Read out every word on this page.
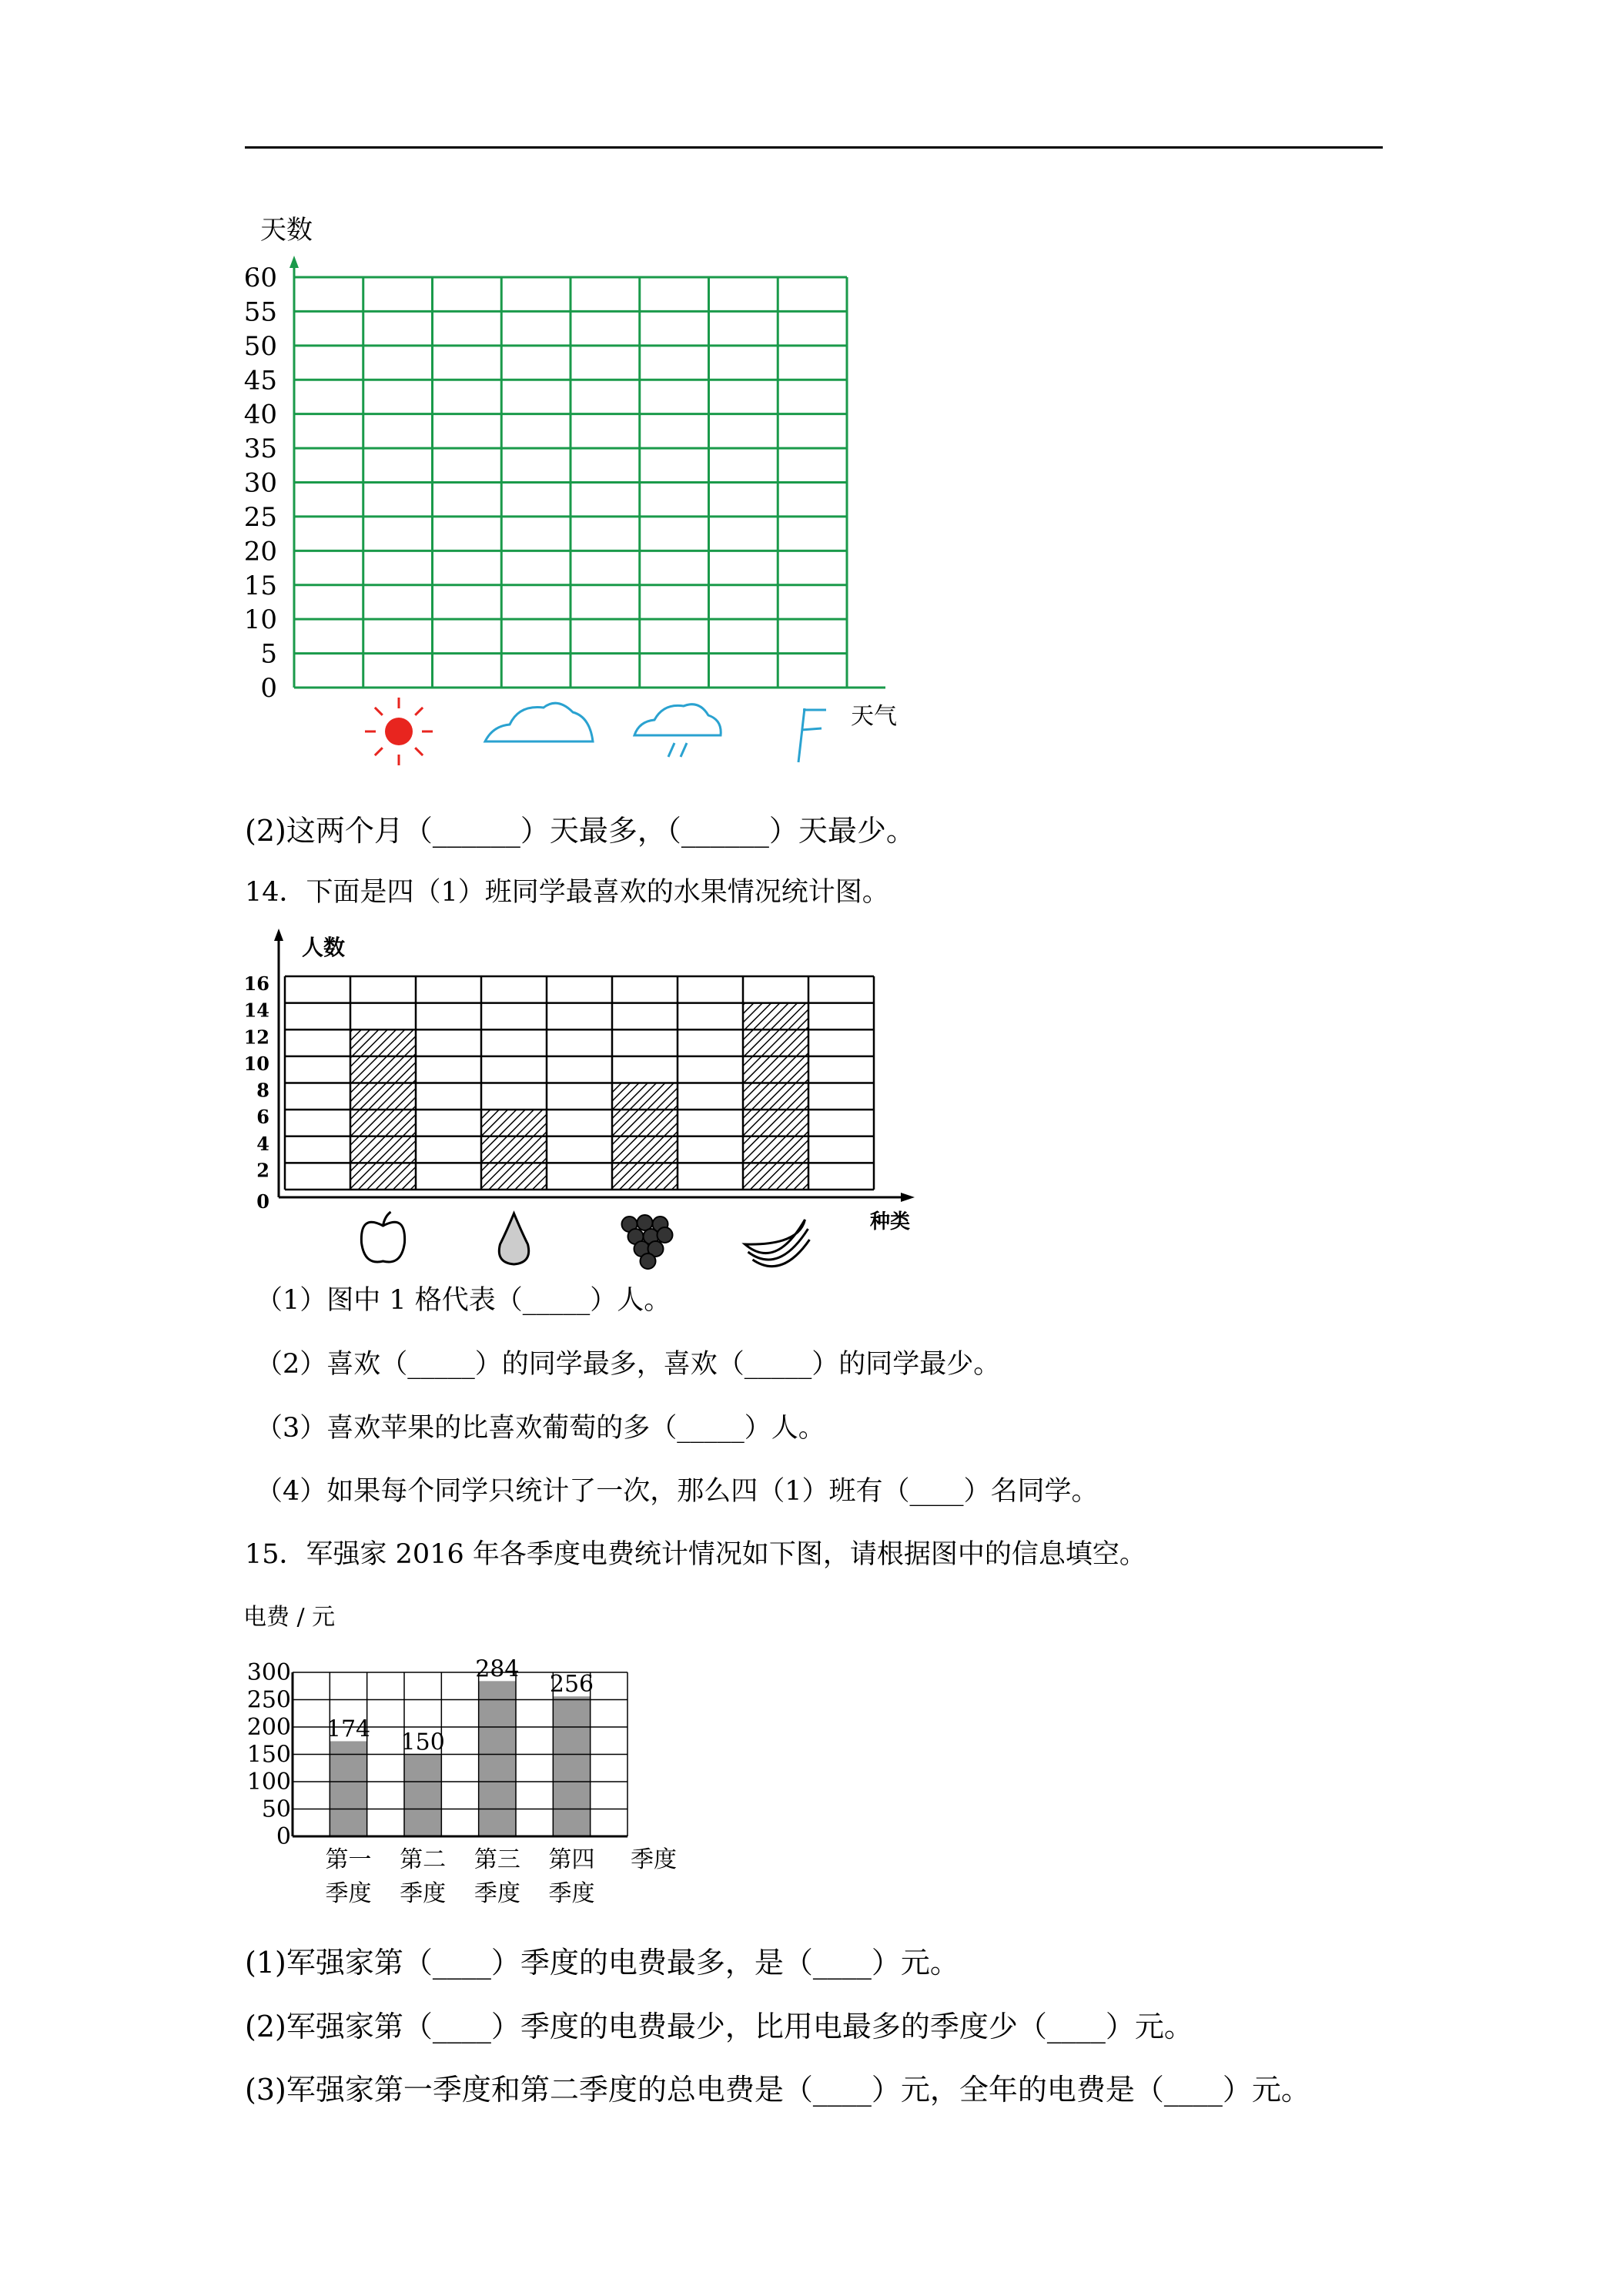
0
5
10
15
20
25
30
35
40
45
50
55
60
天数
天气
(2)这两个月（______）天最多，（______）天最少。
14．下面是四（1）班同学最喜欢的水果情况统计图。
0
2
4
6
8
10
12
14
16
人数
种类
（1）图中 1 格代表（_____）人。
（2）喜欢（_____）的同学最多，喜欢（_____）的同学最少。
（3）喜欢苹果的比喜欢葡萄的多（_____）人。
（4）如果每个同学只统计了一次，那么四（1）班有（____）名同学。
15．军强家 2016 年各季度电费统计情况如下图，请根据图中的信息填空。
0
50
100
150
200
250
300
电费 / 元
174 150
284
256
第一
季度
第二
季度
第三
季度
第四
季度
季度
(1)军强家第（____）季度的电费最多，是（____）元。
(2)军强家第（____）季度的电费最少，比用电最多的季度少（____）元。
(3)军强家第一季度和第二季度的总电费是（____）元，全年的电费是（____）元。
